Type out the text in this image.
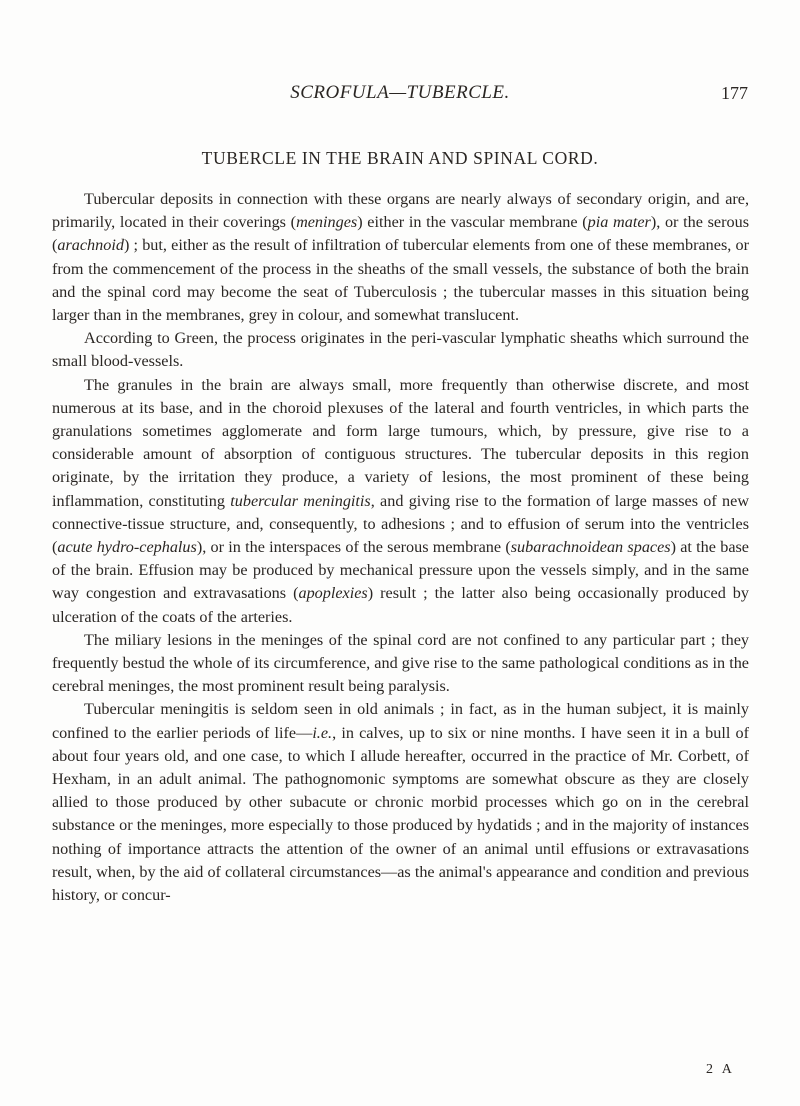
SCROFULA—TUBERCLE.	177
TUBERCLE IN THE BRAIN AND SPINAL CORD.

Tubercular deposits in connection with these organs are nearly always of secondary origin, and are, primarily, located in their coverings (meninges) either in the vascular membrane (pia mater), or the serous (arachnoid) ; but, either as the result of infiltration of tubercular elements from one of these membranes, or from the commencement of the process in the sheaths of the small vessels, the substance of both the brain and the spinal cord may become the seat of Tuberculosis ; the tubercular masses in this situation being larger than in the membranes, grey in colour, and somewhat translucent.

According to Green, the process originates in the peri-vascular lymphatic sheaths which surround the small blood-vessels.

The granules in the brain are always small, more frequently than otherwise discrete, and most numerous at its base, and in the choroid plexuses of the lateral and fourth ventricles, in which parts the granulations sometimes agglomerate and form large tumours, which, by pressure, give rise to a considerable amount of absorption of contiguous structures. The tubercular deposits in this region originate, by the irritation they produce, a variety of lesions, the most prominent of these being inflammation, constituting tubercular meningitis, and giving rise to the formation of large masses of new connective-tissue structure, and, consequently, to adhesions ; and to effusion of serum into the ventricles (acute hydro-cephalus), or in the interspaces of the serous membrane (subarachnoidean spaces) at the base of the brain. Effusion may be produced by mechanical pressure upon the vessels simply, and in the same way congestion and extravasations (apoplexies) result ; the latter also being occasionally produced by ulceration of the coats of the arteries.

The miliary lesions in the meninges of the spinal cord are not confined to any particular part ; they frequently bestud the whole of its circumference, and give rise to the same pathological conditions as in the cerebral meninges, the most prominent result being paralysis.

Tubercular meningitis is seldom seen in old animals ; in fact, as in the human subject, it is mainly confined to the earlier periods of life—i.e., in calves, up to six or nine months. I have seen it in a bull of about four years old, and one case, to which I allude hereafter, occurred in the practice of Mr. Corbett, of Hexham, in an adult animal. The pathognomonic symptoms are somewhat obscure as they are closely allied to those produced by other subacute or chronic morbid processes which go on in the cerebral substance or the meninges, more especially to those produced by hydatids ; and in the majority of instances nothing of importance attracts the attention of the owner of an animal until effusions or extravasations result, when, by the aid of collateral circumstances—as the animal's appearance and condition and previous history, or concur-

2 A
